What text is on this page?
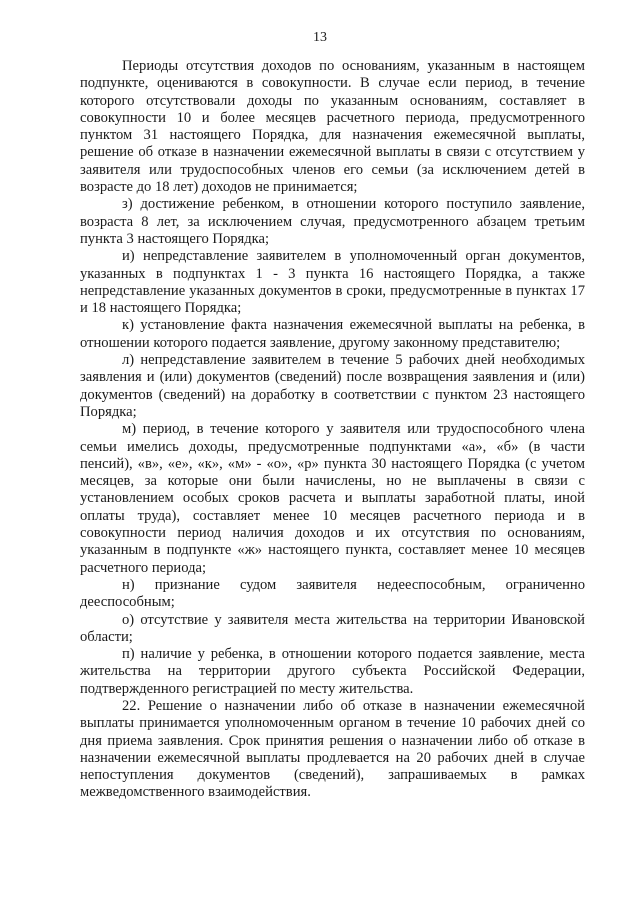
13

Периоды отсутствия доходов по основаниям, указанным в настоящем подпункте, оцениваются в совокупности. В случае если период, в течение которого отсутствовали доходы по указанным основаниям, составляет в совокупности 10 и более месяцев расчетного периода, предусмотренного пунктом 31 настоящего Порядка, для назначения ежемесячной выплаты, решение об отказе в назначении ежемесячной выплаты в связи с отсутствием у заявителя или трудоспособных членов его семьи (за исключением детей в возрасте до 18 лет) доходов не принимается;

з) достижение ребенком, в отношении которого поступило заявление, возраста 8 лет, за исключением случая, предусмотренного абзацем третьим пункта 3 настоящего Порядка;

и) непредставление заявителем в уполномоченный орган документов, указанных в подпунктах 1 - 3 пункта 16 настоящего Порядка, а также непредставление указанных документов в сроки, предусмотренные в пунктах 17 и 18 настоящего Порядка;

к) установление факта назначения ежемесячной выплаты на ребенка, в отношении которого подается заявление, другому законному представителю;

л) непредставление заявителем в течение 5 рабочих дней необходимых заявления и (или) документов (сведений) после возвращения заявления и (или) документов (сведений) на доработку в соответствии с пунктом 23 настоящего Порядка;

м) период, в течение которого у заявителя или трудоспособного члена семьи имелись доходы, предусмотренные подпунктами «а», «б» (в части пенсий), «в», «е», «к», «м» - «о», «р» пункта 30 настоящего Порядка (с учетом месяцев, за которые они были начислены, но не выплачены в связи с установлением особых сроков расчета и выплаты заработной платы, иной оплаты труда), составляет менее 10 месяцев расчетного периода и в совокупности период наличия доходов и их отсутствия по основаниям, указанным в подпункте «ж» настоящего пункта, составляет менее 10 месяцев расчетного периода;

н) признание судом заявителя недееспособным, ограниченно дееспособным;

о) отсутствие у заявителя места жительства на территории Ивановской области;

п) наличие у ребенка, в отношении которого подается заявление, места жительства на территории другого субъекта Российской Федерации, подтвержденного регистрацией по месту жительства.

22. Решение о назначении либо об отказе в назначении ежемесячной выплаты принимается уполномоченным органом в течение 10 рабочих дней со дня приема заявления. Срок принятия решения о назначении либо об отказе в назначении ежемесячной выплаты продлевается на 20 рабочих дней в случае непоступления документов (сведений), запрашиваемых в рамках межведомственного взаимодействия.
